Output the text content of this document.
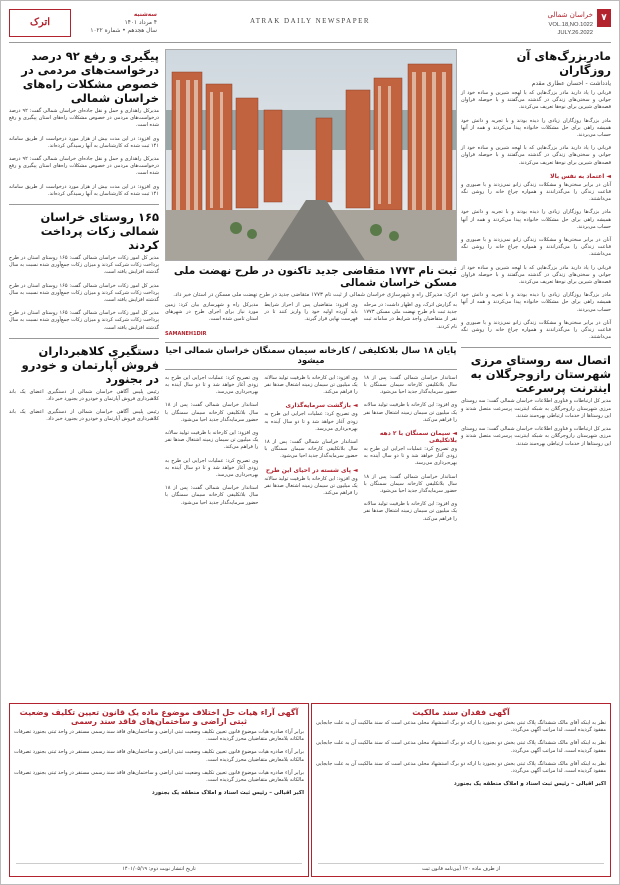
۷
خراسان شمالی
VOL.18,NO.1022
JULY.26.2022
ATRAK DAILY NEWSPAPER
اترک
سه‌شنبه
۴ مرداد ۱۴۰۱
سال هجدهم • شماره ۱۰۲۲
مادربزرگ‌های آن روزگاران
یادداشت - احسان عطاری مقدم
قربانی را یاد دارید مادر بزرگ‌هایی که با لهجه شیرین و ساده خود از جوانی و سختی‌های زندگی در گذشته می‌گفتند و با حوصله فراوان قصه‌های شیرین برای نوه‌ها تعریف می‌کردند.
مادر بزرگ‌ها روزگاران زیادی را دیده بودند و با تجربه و دانش خود همیشه راهی برای حل مشکلات خانواده پیدا می‌کردند و همه از آنها حساب می‌بردند.
قربانی را یاد دارید مادر بزرگ‌هایی که با لهجه شیرین و ساده خود از جوانی و سختی‌های زندگی در گذشته می‌گفتند و با حوصله فراوان قصه‌های شیرین برای نوه‌ها تعریف می‌کردند.
◄ اعتماد به نفس بالا
آنان در برابر سختی‌ها و مشکلات زندگی زانو نمی‌زدند و با صبوری و قناعت زندگی را می‌گذراندند و همواره چراغ خانه را روشن نگه می‌داشتند.
مادر بزرگ‌ها روزگاران زیادی را دیده بودند و با تجربه و دانش خود همیشه راهی برای حل مشکلات خانواده پیدا می‌کردند و همه از آنها حساب می‌بردند.
آنان در برابر سختی‌ها و مشکلات زندگی زانو نمی‌زدند و با صبوری و قناعت زندگی را می‌گذراندند و همواره چراغ خانه را روشن نگه می‌داشتند.
قربانی را یاد دارید مادر بزرگ‌هایی که با لهجه شیرین و ساده خود از جوانی و سختی‌های زندگی در گذشته می‌گفتند و با حوصله فراوان قصه‌های شیرین برای نوه‌ها تعریف می‌کردند.
مادر بزرگ‌ها روزگاران زیادی را دیده بودند و با تجربه و دانش خود همیشه راهی برای حل مشکلات خانواده پیدا می‌کردند و همه از آنها حساب می‌بردند.
آنان در برابر سختی‌ها و مشکلات زندگی زانو نمی‌زدند و با صبوری و قناعت زندگی را می‌گذراندند و همواره چراغ خانه را روشن نگه می‌داشتند.
اتصال سه روستای مرزی شهرستان رازوجرگلان به اینترنت پرسرعت
مدیر کل ارتباطات و فناوری اطلاعات خراسان شمالی گفت: سه روستای مرزی شهرستان رازوجرگلان به شبکه اینترنت پرسرعت متصل شدند و این روستاها از خدمات ارتباطی بهره‌مند شدند.
مدیر کل ارتباطات و فناوری اطلاعات خراسان شمالی گفت: سه روستای مرزی شهرستان رازوجرگلان به شبکه اینترنت پرسرعت متصل شدند و این روستاها از خدمات ارتباطی بهره‌مند شدند.
پیگیری و رفع ۹۲ درصد درخواست‌های مردمی در خصوص مشکلات راه‌های خراسان شمالی
مدیرکل راهداری و حمل و نقل جاده‌ای خراسان شمالی گفت: ۹۲ درصد درخواست‌های مردمی در خصوص مشکلات راه‌های استان پیگیری و رفع شده است.
وی افزود: در این مدت بیش از هزار مورد درخواست از طریق سامانه ۱۴۱ ثبت شده که کارشناسان به آنها رسیدگی کرده‌اند.
مدیرکل راهداری و حمل و نقل جاده‌ای خراسان شمالی گفت: ۹۲ درصد درخواست‌های مردمی در خصوص مشکلات راه‌های استان پیگیری و رفع شده است.
وی افزود: در این مدت بیش از هزار مورد درخواست از طریق سامانه ۱۴۱ ثبت شده که کارشناسان به آنها رسیدگی کرده‌اند.
۱۶۵ روستای خراسان شمالی زکات پرداخت کردند
مدیر کل امور زکات خراسان شمالی گفت: ۱۶۵ روستای استان در طرح پرداخت زکات شرکت کردند و میزان زکات جمع‌آوری شده نسبت به سال گذشته افزایش یافته است.
مدیر کل امور زکات خراسان شمالی گفت: ۱۶۵ روستای استان در طرح پرداخت زکات شرکت کردند و میزان زکات جمع‌آوری شده نسبت به سال گذشته افزایش یافته است.
مدیر کل امور زکات خراسان شمالی گفت: ۱۶۵ روستای استان در طرح پرداخت زکات شرکت کردند و میزان زکات جمع‌آوری شده نسبت به سال گذشته افزایش یافته است.
دستگیری کلاهبرداران فروش آپارتمان و خودرو در بجنورد
رئیس پلیس آگاهی خراسان شمالی از دستگیری اعضای یک باند کلاهبرداری فروش آپارتمان و خودرو در بجنورد خبر داد.
رئیس پلیس آگاهی خراسان شمالی از دستگیری اعضای یک باند کلاهبرداری فروش آپارتمان و خودرو در بجنورد خبر داد.
ثبت نام ۱۷۷۳ متقاضی جدید تاکنون در طرح نهضت ملی مسکن خراسان شمالی
اترک: مدیرکل راه و شهرسازی خراسان شمالی از ثبت نام ۱۷۷۳ متقاضی جدید در طرح نهضت ملی مسکن در استان خبر داد.
به گزارش اترک، وی اظهار داشت: در مرحله جدید ثبت نام طرح نهضت ملی مسکن ۱۷۷۳ نفر از متقاضیان واجد شرایط در سامانه ثبت نام کردند.
وی افزود: متقاضیان پس از احراز شرایط باید آورده اولیه خود را واریز کنند تا در فهرست نهایی قرار گیرند.
مدیرکل راه و شهرسازی بیان کرد: زمین مورد نیاز برای اجرای طرح در شهرهای استان تامین شده است.
SAMANEH1DIR
پایان ۱۸ سال بلاتکلیفی / کارخانه سیمان سمنگان خراسان شمالی احیا میشود
استاندار خراسان شمالی گفت: پس از ۱۸ سال بلاتکلیفی کارخانه سیمان سمنگان با حضور سرمایه‌گذار جدید احیا می‌شود.
وی افزود: این کارخانه با ظرفیت تولید سالانه یک میلیون تن سیمان زمینه اشتغال صدها نفر را فراهم می‌کند.
◄ سیمان سمنگان با ۲ دهه بلاتکلیفی
وی تصریح کرد: عملیات اجرایی این طرح به زودی آغاز خواهد شد و تا دو سال آینده به بهره‌برداری می‌رسد.
استاندار خراسان شمالی گفت: پس از ۱۸ سال بلاتکلیفی کارخانه سیمان سمنگان با حضور سرمایه‌گذار جدید احیا می‌شود.
وی افزود: این کارخانه با ظرفیت تولید سالانه یک میلیون تن سیمان زمینه اشتغال صدها نفر را فراهم می‌کند.
وی افزود: این کارخانه با ظرفیت تولید سالانه یک میلیون تن سیمان زمینه اشتغال صدها نفر را فراهم می‌کند.
◄ بازگشت سرمایه‌گذاری
وی تصریح کرد: عملیات اجرایی این طرح به زودی آغاز خواهد شد و تا دو سال آینده به بهره‌برداری می‌رسد.
استاندار خراسان شمالی گفت: پس از ۱۸ سال بلاتکلیفی کارخانه سیمان سمنگان با حضور سرمایه‌گذار جدید احیا می‌شود.
◄ پای شسته در احیای این طرح
وی افزود: این کارخانه با ظرفیت تولید سالانه یک میلیون تن سیمان زمینه اشتغال صدها نفر را فراهم می‌کند.
وی تصریح کرد: عملیات اجرایی این طرح به زودی آغاز خواهد شد و تا دو سال آینده به بهره‌برداری می‌رسد.
استاندار خراسان شمالی گفت: پس از ۱۸ سال بلاتکلیفی کارخانه سیمان سمنگان با حضور سرمایه‌گذار جدید احیا می‌شود.
وی افزود: این کارخانه با ظرفیت تولید سالانه یک میلیون تن سیمان زمینه اشتغال صدها نفر را فراهم می‌کند.
وی تصریح کرد: عملیات اجرایی این طرح به زودی آغاز خواهد شد و تا دو سال آینده به بهره‌برداری می‌رسد.
استاندار خراسان شمالی گفت: پس از ۱۸ سال بلاتکلیفی کارخانه سیمان سمنگان با حضور سرمایه‌گذار جدید احیا می‌شود.
آگهی فقدان سند مالکیت
نظر به اینکه آقای مالک ششدانگ پلاک ثبتی بخش دو بجنورد با ارائه دو برگ استشهاد محلی مدعی است که سند مالکیت آن به علت جابجایی مفقود گردیده است، لذا مراتب آگهی می‌گردد.
نظر به اینکه آقای مالک ششدانگ پلاک ثبتی بخش دو بجنورد با ارائه دو برگ استشهاد محلی مدعی است که سند مالکیت آن به علت جابجایی مفقود گردیده است، لذا مراتب آگهی می‌گردد.
نظر به اینکه آقای مالک ششدانگ پلاک ثبتی بخش دو بجنورد با ارائه دو برگ استشهاد محلی مدعی است که سند مالکیت آن به علت جابجایی مفقود گردیده است، لذا مراتب آگهی می‌گردد.
اکبر اقبالی – رئیس ثبت اسناد و املاک منطقه یک بجنورد
از طرف ماده ۱۲۰ آیین‌نامه قانون ثبت
آگهی آراء هیات حل اختلاف موضوع ماده یک قانون تعیین تکلیف وضعیت ثبتی اراضی و ساختمان‌های فاقد سند رسمی
برابر آراء صادره هیات موضوع قانون تعیین تکلیف وضعیت ثبتی اراضی و ساختمان‌های فاقد سند رسمی مستقر در واحد ثبتی بجنورد تصرفات مالکانه بلامعارض متقاضیان محرز گردیده است.
برابر آراء صادره هیات موضوع قانون تعیین تکلیف وضعیت ثبتی اراضی و ساختمان‌های فاقد سند رسمی مستقر در واحد ثبتی بجنورد تصرفات مالکانه بلامعارض متقاضیان محرز گردیده است.
برابر آراء صادره هیات موضوع قانون تعیین تکلیف وضعیت ثبتی اراضی و ساختمان‌های فاقد سند رسمی مستقر در واحد ثبتی بجنورد تصرفات مالکانه بلامعارض متقاضیان محرز گردیده است.
اکبر اقبالی – رئیس ثبت اسناد و املاک منطقه یک بجنورد
تاریخ انتشار نوبت دوم: ۱۴۰۱/۰۵/۱۹
